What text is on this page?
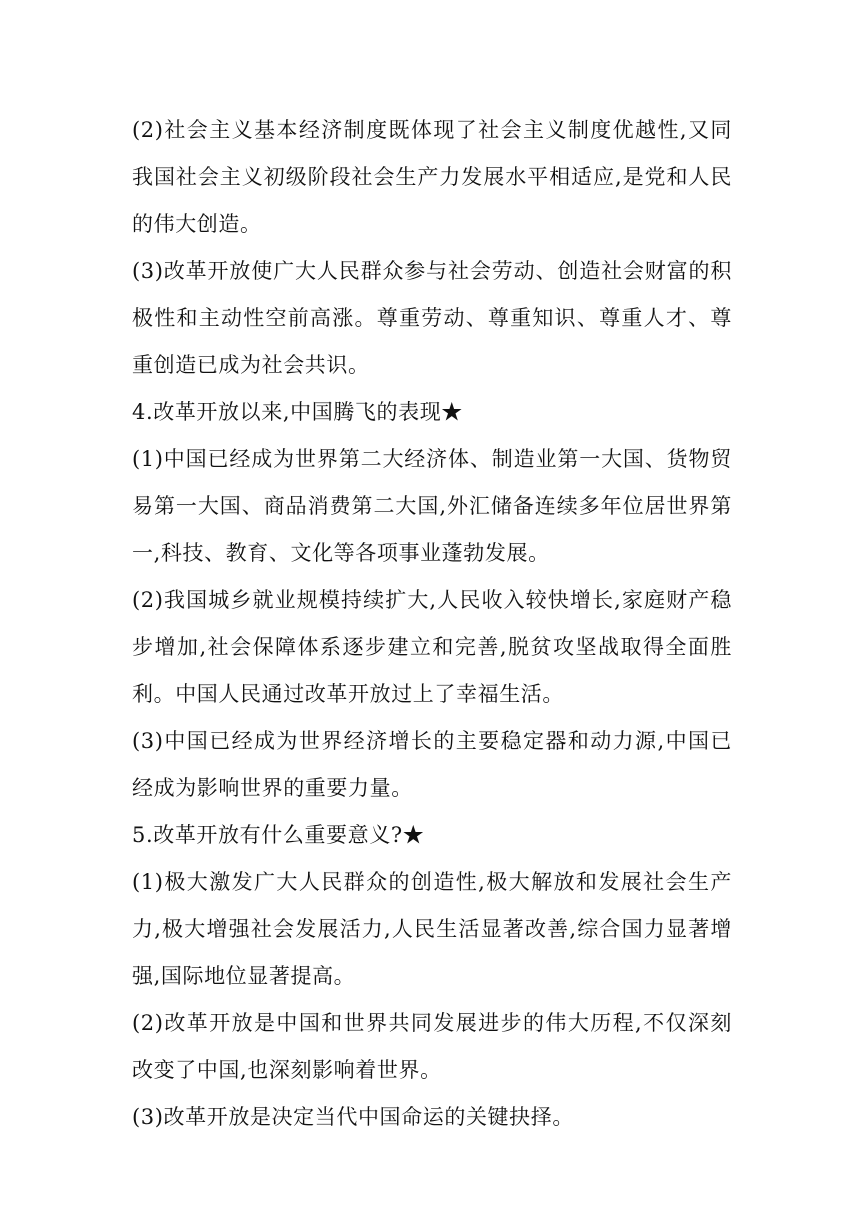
(2)社会主义基本经济制度既体现了社会主义制度优越性,又同我国社会主义初级阶段社会生产力发展水平相适应,是党和人民的伟大创造。

(3)改革开放使广大人民群众参与社会劳动、创造社会财富的积极性和主动性空前高涨。尊重劳动、尊重知识、尊重人才、尊重创造已成为社会共识。

4.改革开放以来,中国腾飞的表现★

(1)中国已经成为世界第二大经济体、制造业第一大国、货物贸易第一大国、商品消费第二大国,外汇储备连续多年位居世界第一,科技、教育、文化等各项事业蓬勃发展。

(2)我国城乡就业规模持续扩大,人民收入较快增长,家庭财产稳步增加,社会保障体系逐步建立和完善,脱贫攻坚战取得全面胜利。中国人民通过改革开放过上了幸福生活。

(3)中国已经成为世界经济增长的主要稳定器和动力源,中国已经成为影响世界的重要力量。

5.改革开放有什么重要意义?★

(1)极大激发广大人民群众的创造性,极大解放和发展社会生产力,极大增强社会发展活力,人民生活显著改善,综合国力显著增强,国际地位显著提高。

(2)改革开放是中国和世界共同发展进步的伟大历程,不仅深刻改变了中国,也深刻影响着世界。

(3)改革开放是决定当代中国命运的关键抉择。
